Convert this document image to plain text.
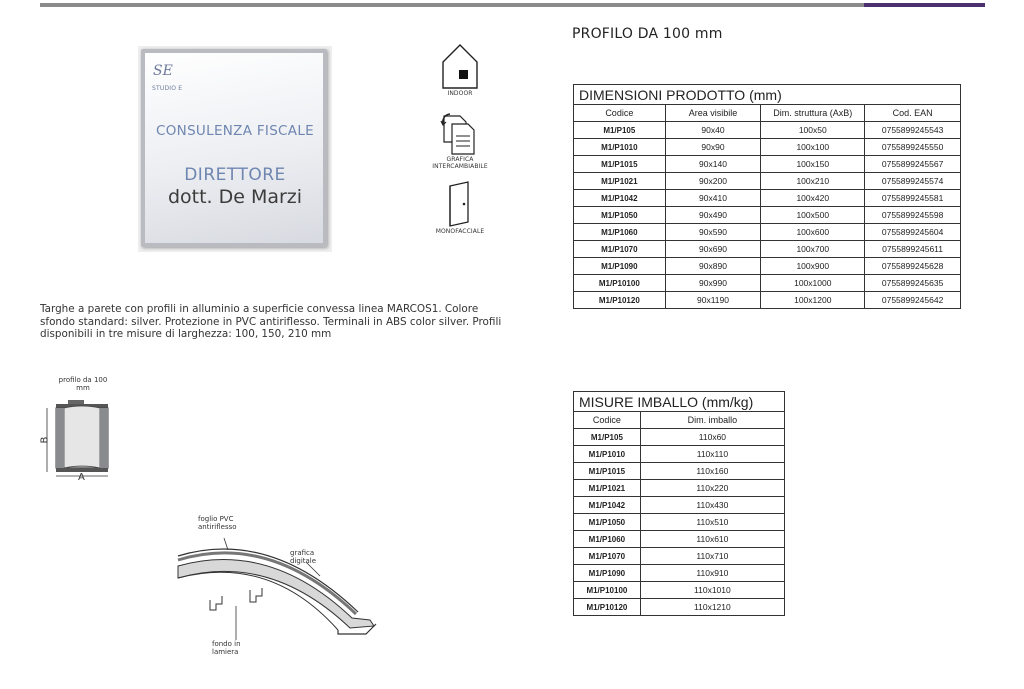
SE
STUDIO E
CONSULENZA FISCALE
DIRETTORE
dott. De Marzi
INDOOR
GRAFICA INTERCAMBIABILE
MONOFACCIALE
PROFILO DA 100 mm
DIMENSIONI PRODOTTO (mm)			
Codice	Area visibile	Dim. struttura (AxB)	Cod. EAN
M1/P105	90x40	100x50	0755899245543
M1/P1010	90x90	100x100	0755899245550
M1/P1015	90x140	100x150	0755899245567
M1/P1021	90x200	100x210	0755899245574
M1/P1042	90x410	100x420	0755899245581
M1/P1050	90x490	100x500	0755899245598
M1/P1060	90x590	100x600	0755899245604
M1/P1070	90x690	100x700	0755899245611
M1/P1090	90x890	100x900	0755899245628
M1/P10100	90x990	100x1000	0755899245635
M1/P10120	90x1190	100x1200	0755899245642
MISURE IMBALLO (mm/kg)	
Codice	Dim. imballo
M1/P105	110x60
M1/P1010	110x110
M1/P1015	110x160
M1/P1021	110x220
M1/P1042	110x430
M1/P1050	110x510
M1/P1060	110x610
M1/P1070	110x710
M1/P1090	110x910
M1/P10100	110x1010
M1/P10120	110x1210
Targhe a parete con profili in alluminio a superficie convessa linea MARCOS1. Colore sfondo standard: silver. Protezione in PVC antiriflesso. Terminali in ABS color silver. Profili disponibili in tre misure di larghezza: 100, 150, 210 mm
profilo da 100 mm
B
A
foglio PVC antiriflesso
grafica digitale
fondo in lamiera
